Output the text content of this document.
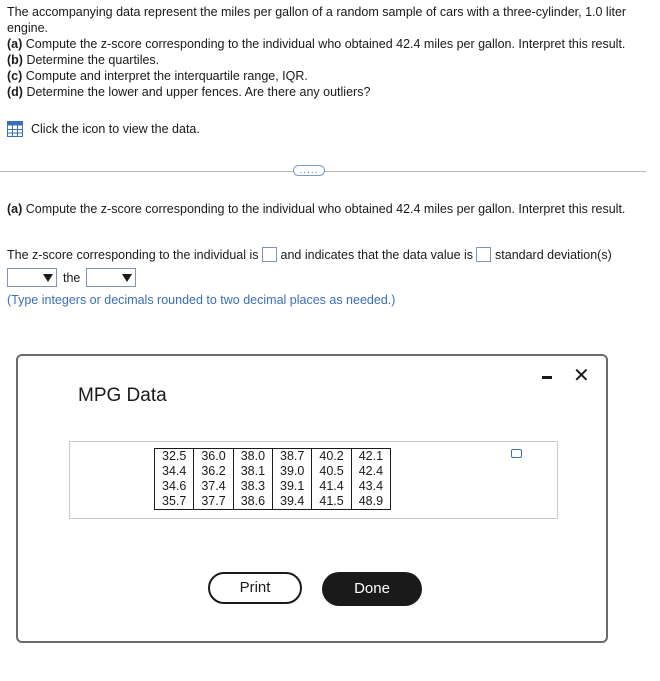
The accompanying data represent the miles per gallon of a random sample of cars with a three-cylinder, 1.0 liter engine.
(a) Compute the z-score corresponding to the individual who obtained 42.4 miles per gallon. Interpret this result.
(b) Determine the quartiles.
(c) Compute and interpret the interquartile range, IQR.
(d) Determine the lower and upper fences. Are there any outliers?
Click the icon to view the data.
.....
(a) Compute the z-score corresponding to the individual who obtained 42.4 miles per gallon. Interpret this result.
The z-score corresponding to the individual is and indicates that the data value is standard deviation(s)
the
(Type integers or decimals rounded to two decimal places as needed.)
MPG Data
✕
32.5	36.0	38.0	38.7	40.2	42.1
34.4	36.2	38.1	39.0	40.5	42.4
34.6	37.4	38.3	39.1	41.4	43.4
35.7	37.7	38.6	39.4	41.5	48.9
Print	Done
